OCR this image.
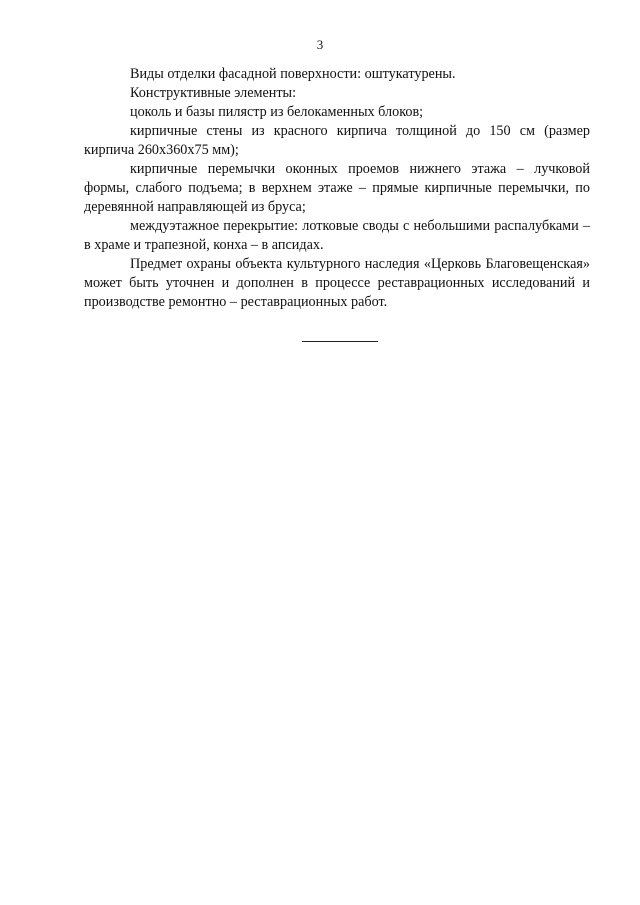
3

Виды отделки фасадной поверхности: оштукатурены.

Конструктивные элементы:

цоколь и базы пилястр из белокаменных блоков;

кирпичные стены из красного кирпича толщиной до 150 см (размер кирпича 260х360х75 мм);

кирпичные перемычки оконных проемов нижнего этажа – лучковой формы, слабого подъема; в верхнем этаже – прямые кирпичные перемычки, по деревянной направляющей из бруса;

междуэтажное перекрытие: лотковые своды с небольшими распалубками – в храме и трапезной, конха – в апсидах.

Предмет охраны объекта культурного наследия «Церковь Благовещенская» может быть уточнен и дополнен в процессе реставрационных исследований и производстве ремонтно – реставрационных работ.
